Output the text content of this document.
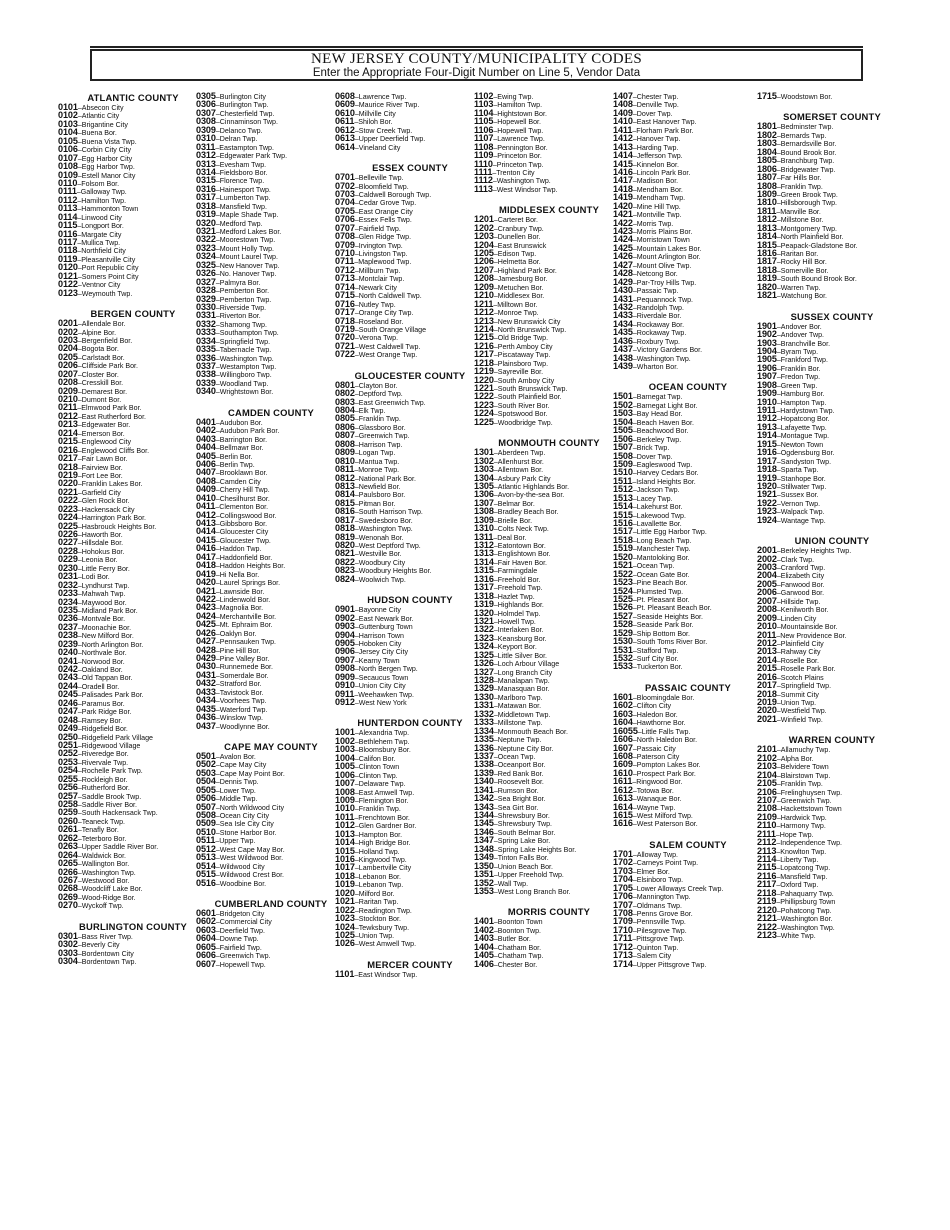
NEW JERSEY COUNTY/MUNICIPALITY CODES
Enter the Appropriate Four-Digit Number on Line 5, Vendor Data
ATLANTIC COUNTY
0101–Absecon City
0102–Atlantic City
0103–Brigantine City
0104–Buena Bor.
0105–Buena Vista Twp.
0106–Corbin City City
0107–Egg Harbor City
0108–Egg Harbor Twp.
0109–Estell Manor City
0110–Folsom Bor.
0111–Galloway Twp.
0112–Hamilton Twp.
0113–Hammonton Town
0114–Linwood City
0115–Longport Bor.
0116–Margate City
0117–Mullica Twp.
0118–Northfield City
0119–Pleasantville City
0120–Port Republic City
0121–Somers Point City
0122–Ventnor City
0123–Weymouth Twp.
BERGEN COUNTY
0201–Allendale Bor.
0202–Alpine Bor.
0203–Bergenfield Bor.
0204–Bogota Bor.
0205–Carlstadt Bor.
0206–Cliffside Park Bor.
0207–Closter Bor.
0208–Cresskill Bor.
0209–Demarest Bor.
0210–Dumont Bor.
0211–Elmwood Park Bor.
0212–East Rutherford Bor.
0213–Edgewater Bor.
0214–Emerson Bor.
0215–Englewood City
0216–Englewood Cliffs Bor.
0217–Fair Lawn Bor.
0218–Fairview Bor.
0219–Fort Lee Bor.
0220–Franklin Lakes Bor.
0221–Garfield City
0222–Glen Rock Bor.
0223–Hackensack City
0224–Harrington Park Bor.
0225–Hasbrouck Heights Bor.
0226–Haworth Bor.
0227–Hillsdale Bor.
0228–Hohokus Bor.
0229–Leonia Bor.
0230–Little Ferry Bor.
0231–Lodi Bor.
0232–Lyndhurst Twp.
0233–Mahwah Twp.
0234–Maywood Bor.
0235–Midland Park Bor.
0236–Montvale Bor.
0237–Moonachie Bor.
0238–New Milford Bor.
0239–North Arlington Bor.
0240–Northvale Bor.
0241–Norwood Bor.
0242–Oakland Bor.
0243–Old Tappan Bor.
0244–Oradell Bor.
0245–Palisades Park Bor.
0246–Paramus Bor.
0247–Park Ridge Bor.
0248–Ramsey Bor.
0249–Ridgefield Bor.
0250–Ridgefield Park Village
0251–Ridgewood Village
0252–Riveredge Bor.
0253–Rivervale Twp.
0254–Rochelle Park Twp.
0255–Rockleigh Bor.
0256–Rutherford Bor.
0257–Saddle Brook Twp.
0258–Saddle River Bor.
0259–South Hackensack Twp.
0260–Teaneck Twp.
0261–Tenafly Bor.
0262–Teterboro Bor.
0263–Upper Saddle River Bor.
0264–Waldwick Bor.
0265–Wallington Bor.
0266–Washington Twp.
0267–Westwood Bor.
0268–Woodcliff Lake Bor.
0269–Wood-Ridge Bor.
0270–Wyckoff Twp.
BURLINGTON COUNTY
0301–Bass River Twp.
0302–Beverly City
0303–Bordentown City
0304–Bordentown Twp.
0305–Burlington City
0306–Burlington Twp.
0307–Chesterfield Twp.
0308–Cinnaminson Twp.
0309–Delanco Twp.
0310–Delran Twp.
0311–Eastampton Twp.
0312–Edgewater Park Twp.
0313–Evesham Twp.
0314–Fieldsboro Bor.
0315–Florence Twp.
0316–Hainesport Twp.
0317–Lumberton Twp.
0318–Mansfield Twp.
0319–Maple Shade Twp.
0320–Medford Twp.
0321–Medford Lakes Bor.
0322–Moorestown Twp.
0323–Mount Holly Twp.
0324–Mount Laurel Twp.
0325–New Hanover Twp.
0326–No. Hanover Twp.
0327–Palmyra Bor.
0328–Pemberton Bor.
0329–Pemberton Twp.
0330–Riverside Twp.
0331–Riverton Bor.
0332–Shamong Twp.
0333–Southampton Twp.
0334–Springfield Twp.
0335–Tabernacle Twp.
0336–Washington Twp.
0337–Westampton Twp.
0338–Willingboro Twp.
0339–Woodland Twp.
0340–Wrightstown Bor.
CAMDEN COUNTY
0401–Audubon Bor.
0402–Audubon Park Bor.
0403–Barrington Bor.
0404–Bellmawr Bor.
0405–Berlin Bor.
0406–Berlin Twp.
0407–Brooklawn Bor.
0408–Camden City
0409–Cherry Hill Twp.
0410–Chesilhurst Bor.
0411–Clementon Bor.
0412–Collingswood Bor.
0413–Gibbsboro Bor.
0414–Gloucester City
0415–Gloucester Twp.
0416–Haddon Twp.
0417–Haddonfield Bor.
0418–Haddon Heights Bor.
0419–Hi Nella Bor.
0420–Laurel Springs Bor.
0421–Lawnside Bor.
0422–Lindenwold Bor.
0423–Magnolia Bor.
0424–Merchantville Bor.
0425–Mt. Ephraim Bor.
0426–Oaklyn Bor.
0427–Pennsauken Twp.
0428–Pine Hill Bor.
0429–Pine Valley Bor.
0430–Runnemede Bor.
0431–Somerdale Bor.
0432–Stratford Bor.
0433–Tavistock Bor.
0434–Voorhees Twp.
0435–Waterford Twp.
0436–Winslow Twp.
0437–Woodlynne Bor.
CAPE MAY COUNTY
0501–Avalon Bor.
0502–Cape May City
0503–Cape May Point Bor.
0504–Dennis Twp.
0505–Lower Twp.
0506–Middle Twp.
0507–North Wildwood City
0508–Ocean City City
0509–Sea Isle City City
0510–Stone Harbor Bor.
0511–Upper Twp.
0512–West Cape May Bor.
0513–West Wildwood Bor.
0514–Wildwood City
0515–Wildwood Crest Bor.
0516–Woodbine Bor.
CUMBERLAND COUNTY
0601–Bridgeton City
0602–Commercial City
0603–Deerfield Twp.
0604–Downe Twp.
0605–Fairfield Twp.
0606–Greenwich Twp.
0607–Hopewell Twp.
0608–Lawrence Twp.
0609–Maurice River Twp.
0610–Millville City
0611–Shiloh Bor.
0612–Stow Creek Twp.
0613–Upper Deerfield Twp.
0614–Vineland City
ESSEX COUNTY
0701–Belleville Twp.
0702–Bloomfield Twp.
0703–Caldwell Borough Twp.
0704–Cedar Grove Twp.
0705–East Orange City
0706–Essex Fells Twp.
0707–Fairfield Twp.
0708–Glen Ridge Twp.
0709–Irvington Twp.
0710–Livingston Twp.
0711–Maplewood Twp.
0712–Millburn Twp.
0713–Montclair Twp.
0714–Newark City
0715–North Caldwell Twp.
0716–Nutley Twp.
0717–Orange City Twp.
0718–Roseland Bor.
0719–South Orange Village
0720–Verona Twp.
0721–West Caldwell Twp.
0722–West Orange Twp.
GLOUCESTER COUNTY
0801–Clayton Bor.
0802–Deptford Twp.
0803–East Greenwich Twp.
0804–Elk Twp.
0805–Franklin Twp.
0806–Glassboro Bor.
0807–Greenwich Twp.
0808–Harrison Twp.
0809–Logan Twp.
0810–Mantua Twp.
0811–Monroe Twp.
0812–National Park Bor.
0813–Newfield Bor.
0814–Paulsboro Bor.
0815–Pitman Bor.
0816–South Harrison Twp.
0817–Swedesboro Bor.
0818–Washington Twp.
0819–Wenonah Bor.
0820–West Deptford Twp.
0821–Westville Bor.
0822–Woodbury City
0823–Woodbury Heights Bor.
0824–Woolwich Twp.
HUDSON COUNTY
0901–Bayonne City
0902–East Newark Bor.
0903–Guttenburg Town
0904–Harrison Town
0905–Hoboken City
0906–Jersey City City
0907–Kearny Town
0908–North Bergen Twp.
0909–Secaucus Town
0910–Union City City
0911–Weehawken Twp.
0912–West New York
HUNTERDON COUNTY
1001–Alexandria Twp.
1002–Bethlehem Twp.
1003–Bloomsbury Bor.
1004–Califon Bor.
1005–Clinton Town
1006–Clinton Twp.
1007–Delaware Twp.
1008–East Amwell Twp.
1009–Flemington Bor.
1010–Franklin Twp.
1011–Frenchtown Bor.
1012–Glen Gardner Bor.
1013–Hampton Bor.
1014–High Bridge Bor.
1015–Holland Twp.
1016–Kingwood Twp.
1017–Lambertville City
1018–Lebanon Bor.
1019–Lebanon Twp.
1020–Milford Bor.
1021–Raritan Twp.
1022–Readington Twp.
1023–Stockton Bor.
1024–Tewksbury Twp.
1025–Union Twp.
1026–West Amwell Twp.
MERCER COUNTY
1101–East Windsor Twp.
1102–Ewing Twp.
1103–Hamilton Twp.
1104–Hightstown Bor.
1105–Hopewell Bor.
1106–Hopewell Twp.
1107–Lawrence Twp.
1108–Pennington Bor.
1109–Princeton Bor.
1110–Princeton Twp.
1111–Trenton City
1112–Washington Twp.
1113–West Windsor Twp.
MIDDLESEX COUNTY
1201–Carteret Bor.
1202–Cranbury Twp.
1203–Dunellen Bor.
1204–East Brunswick
1205–Edison Twp.
1206–Helmetta Bor.
1207–Highland Park Bor.
1208–Jamesburg Bor.
1209–Metuchen Bor.
1210–Middlesex Bor.
1211–Milltown Bor.
1212–Monroe Twp.
1213–New Brunswick City
1214–North Brunswick Twp.
1215–Old Bridge Twp.
1216–Perth Amboy City
1217–Piscataway Twp.
1218–Plainsboro Twp.
1219–Sayreville Bor.
1220–South Amboy City
1221–South Brunswick Twp.
1222–South Plainfield Bor.
1223–South River Bor.
1224–Spotswood Bor.
1225–Woodbridge Twp.
MONMOUTH COUNTY
1301–Aberdeen Twp.
1302–Allenhurst Bor.
1303–Allentown Bor.
1304–Asbury Park City
1305–Atlantic Highlands Bor.
1306–Avon-by-the-sea Bor.
1307–Belmar Bor.
1308–Bradley Beach Bor.
1309–Brielle Bor.
1310–Colts Neck Twp.
1311–Deal Bor.
1312–Eatontown Bor.
1313–Englishtown Bor.
1314–Fair Haven Bor.
1315–Farmingdale
1316–Freehold Bor.
1317–Freehold Twp.
1318–Hazlet Twp.
1319–Highlands Bor.
1320–Holmdel Twp.
1321–Howell Twp.
1322–Interlaken Bor.
1323–Keansburg Bor.
1324–Keyport Bor.
1325–Little Silver Bor.
1326–Loch Arbour Village
1327–Long Branch City
1328–Manalapan Twp.
1329–Manasquan Bor.
1330–Marlboro Twp.
1331–Matawan Bor.
1332–Middletown Twp.
1333–Millstone Twp.
1334–Monmouth Beach Bor.
1335–Neptune Twp.
1336–Neptune City Bor.
1337–Ocean Twp.
1338–Oceanport Bor.
1339–Red Bank Bor.
1340–Roosevelt Bor.
1341–Rumson Bor.
1342–Sea Bright Bor.
1343–Sea Girt Bor.
1344–Shrewsbury Bor.
1345–Shrewsbury Twp.
1346–South Belmar Bor.
1347–Spring Lake Bor.
1348–Spring Lake Heights Bor.
1349–Tinton Falls Bor.
1350–Union Beach Bor.
1351–Upper Freehold Twp.
1352–Wall Twp.
1353–West Long Branch Bor.
MORRIS COUNTY
1401–Boonton Town
1402–Boonton Twp.
1403–Butler Bor.
1404–Chatham Bor.
1405–Chatham Twp.
1406–Chester Bor.
1407–Chester Twp.
1408–Denville Twp.
1409–Dover Twp.
1410–East Hanover Twp.
1411–Florham Park Bor.
1412–Hanover Twp.
1413–Harding Twp.
1414–Jefferson Twp.
1415–Kinnelon Bor.
1416–Lincoln Park Bor.
1417–Madison Bor.
1418–Mendham Bor.
1419–Mendham Twp.
1420–Mine Hill Twp.
1421–Montville Twp.
1422–Morris Twp.
1423–Morris Plains Bor.
1424–Morristown Town
1425–Mountain Lakes Bor.
1426–Mount Arlington Bor.
1427–Mount Olive Twp.
1428–Netcong Bor.
1429–Par-Troy Hills Twp.
1430–Passaic Twp.
1431–Pequannock Twp.
1432–Randolph Twp.
1433–Riverdale Bor.
1434–Rockaway Bor.
1435–Rockaway Twp.
1436–Roxbury Twp.
1437–Victory Gardens Bor.
1438–Washington Twp.
1439–Wharton Bor.
OCEAN COUNTY
1501–Barnegat Twp.
1502–Barnegat Light Bor.
1503–Bay Head Bor.
1504–Beach Haven Bor.
1505–Beachwood Bor.
1506–Berkeley Twp.
1507–Brick Twp.
1508–Dover Twp.
1509–Eagleswood Twp.
1510–Harvey Cedars Bor.
1511–Island Heights Bor.
1512–Jackson Twp.
1513–Lacey Twp.
1514–Lakehurst Bor.
1515–Lakewood Twp.
1516–Lavallette Bor.
1517–Little Egg Harbor Twp.
1518–Long Beach Twp.
1519–Manchester Twp.
1520–Mantoloking Bor.
1521–Ocean Twp.
1522–Ocean Gate Bor.
1523–Pine Beach Bor.
1524–Plumsted Twp.
1525–Pt. Pleasant Bor.
1526–Pt. Pleasant Beach Bor.
1527–Seaside Heights Bor.
1528–Seaside Park Bor.
1529–Ship Bottom Bor.
1530–South Toms River Bor.
1531–Stafford Twp.
1532–Surf City Bor.
1533–Tuckerton Bor.
PASSAIC COUNTY
1601–Bloomingdale Bor.
1602–Clifton City
1603–Haledon Bor.
1604–Hawthorne Bor.
16055–Little Falls Twp.
1606–North Haledon Bor.
1607–Passaic City
1608–Paterson City
1609–Pompton Lakes Bor.
1610–Prospect Park Bor.
1611–Ringwood Bor.
1612–Totowa Bor.
1613–Wanaque Bor.
1614–Wayne Twp.
1615–West Milford Twp.
1616–West Paterson Bor.
SALEM COUNTY
1701–Alloway Twp.
1702–Carneys Point Twp.
1703–Elmer Bor.
1704–Elsinboro Twp.
1705–Lower Alloways Creek Twp.
1706–Mannington Twp.
1707–Oldmans Twp.
1708–Penns Grove Bor.
1709–Pennsville Twp.
1710–Pilesgrove Twp.
1711–Pittsgrove Twp.
1712–Quinton Twp.
1713–Salem City
1714–Upper Pittsgrove Twp.
1715–Woodstown Bor.
SOMERSET COUNTY
1801–Bedminster Twp.
1802–Bernards Twp.
1803–Bernardsville Bor.
1804–Bound Brook Bor.
1805–Branchburg Twp.
1806–Bridgewater Twp.
1807–Far Hills Bor.
1808–Franklin Twp.
1809–Green Brook Twp.
1810–Hillsborough Twp.
1811–Manville Bor.
1812–Millstone Bor.
1813–Montgomery Twp.
1814–North Plainfield Bor.
1815–Peapack-Gladstone Bor.
1816–Raritan Bor.
1817–Rocky Hill Bor.
1818–Somerville Bor.
1819–South Bound Brook Bor.
1820–Warren Twp.
1821–Watchung Bor.
SUSSEX COUNTY
1901–Andover Bor.
1902–Andover Twp.
1903–Branchville Bor.
1904–Byram Twp.
1905–Frankford Twp.
1906–Franklin Bor.
1907–Fredon Twp.
1908–Green Twp.
1909–Hamburg Bor.
1910–Hampton Twp.
1911–Hardystown Twp.
1912–Hopatcong Bor.
1913–Lafayette Twp.
1914–Montague Twp.
1915–Newton Town
1916–Ogdensburg Bor.
1917–Sandyston Twp.
1918–Sparta Twp.
1919–Stanhope Bor.
1920–Stillwater Twp.
1921–Sussex Bor.
1922–Vernon Twp.
1923–Walpack Twp.
1924–Wantage Twp.
UNION COUNTY
2001–Berkeley Heights Twp.
2002–Clark Twp.
2003–Cranford Twp.
2004–Elizabeth City
2005–Fanwood Bor.
2006–Garwood Bor.
2007–Hillside Twp.
2008–Kenilworth Bor.
2009–Linden City
2010–Mountainside Bor.
2011–New Providence Bor.
2012–Plainfield City
2013–Rahway City
2014–Roselle Bor.
2015–Roselle Park Bor.
2016–Scotch Plains
2017–Springfield Twp.
2018–Summit City
2019–Union Twp.
2020–Westfield Twp.
2021–Winfield Twp.
WARREN COUNTY
2101–Allamuchy Twp.
2102–Alpha Bor.
2103–Belvidere Town
2104–Blairstown Twp.
2105–Franklin Twp.
2106–Frelinghuysen Twp.
2107–Greenwich Twp.
2108–Hackettstown Town
2109–Hardwick Twp.
2110–Harmony Twp.
2111–Hope Twp.
2112–Independence Twp.
2113–Knowlton Twp.
2114–Liberty Twp.
2115–Lopatcong Twp.
2116–Mansfield Twp.
2117–Oxford Twp.
2118–Pahaquarry Twp.
2119–Phillipsburg Town
2120–Pohatcong Twp.
2121–Washington Bor.
2122–Washington Twp.
2123–White Twp.
